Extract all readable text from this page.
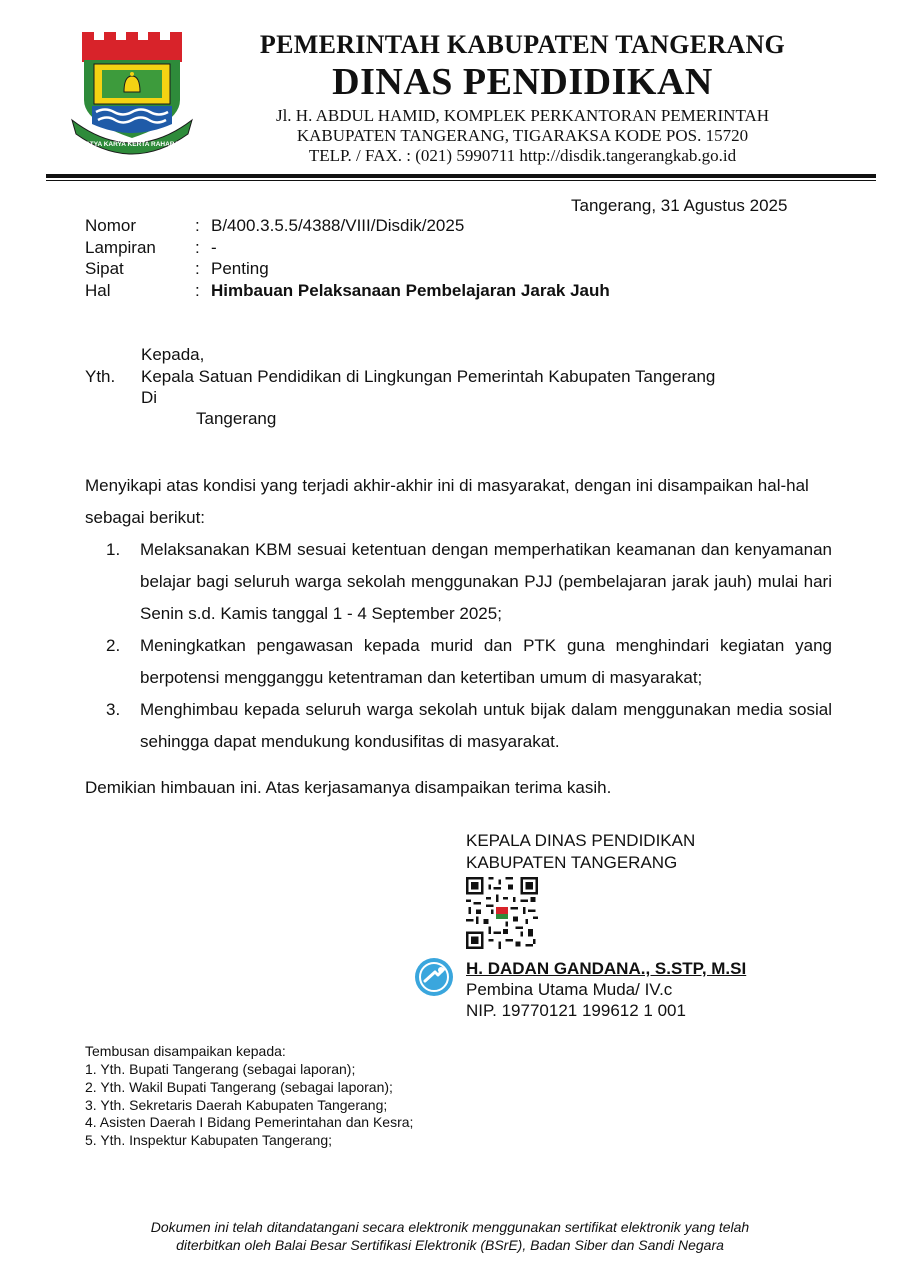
SATYA KARYA KERTA RAHARJA
PEMERINTAH KABUPATEN TANGERANG
DINAS PENDIDIKAN
Jl. H. ABDUL HAMID, KOMPLEK PERKANTORAN PEMERINTAH
KABUPATEN TANGERANG, TIGARAKSA KODE POS. 15720
TELP. / FAX. : (021) 5990711 http://disdik.tangerangkab.go.id
Tangerang, 31 Agustus 2025
Nomor	: B/400.3.5.5/4388/VIII/Disdik/2025
Lampiran : -
Sipat	: Penting
Hal	: Himbauan Pelaksanaan Pembelajaran Jarak Jauh
Kepada,
Yth. Kepala Satuan Pendidikan di Lingkungan Pemerintah Kabupaten Tangerang
Di
Tangerang
Menyikapi atas kondisi yang terjadi akhir-akhir ini di masyarakat, dengan ini disampaikan hal-hal sebagai berikut:
1. Melaksanakan KBM sesuai ketentuan dengan memperhatikan keamanan dan kenyamanan belajar bagi seluruh warga sekolah menggunakan PJJ (pembelajaran jarak jauh) mulai hari Senin s.d. Kamis tanggal 1 - 4 September 2025;
2. Meningkatkan pengawasan kepada murid dan PTK guna menghindari kegiatan yang berpotensi mengganggu ketentraman dan ketertiban umum di masyarakat;
3. Menghimbau kepada seluruh warga sekolah untuk bijak dalam menggunakan media sosial sehingga dapat mendukung kondusifitas di masyarakat.
Demikian himbauan ini. Atas kerjasamanya disampaikan terima kasih.
KEPALA DINAS PENDIDIKAN
KABUPATEN TANGERANG
H. DADAN GANDANA., S.STP, M.SI
Pembina Utama Muda/ IV.c
NIP. 19770121 199612 1 001
Tembusan disampaikan kepada:
1. Yth. Bupati Tangerang (sebagai laporan);
2. Yth. Wakil Bupati Tangerang (sebagai laporan);
3. Yth. Sekretaris Daerah Kabupaten Tangerang;
4. Asisten Daerah I Bidang Pemerintahan dan Kesra;
5. Yth. Inspektur Kabupaten Tangerang;
Dokumen ini telah ditandatangani secara elektronik menggunakan sertifikat elektronik yang telah
diterbitkan oleh Balai Besar Sertifikasi Elektronik (BSrE), Badan Siber dan Sandi Negara
